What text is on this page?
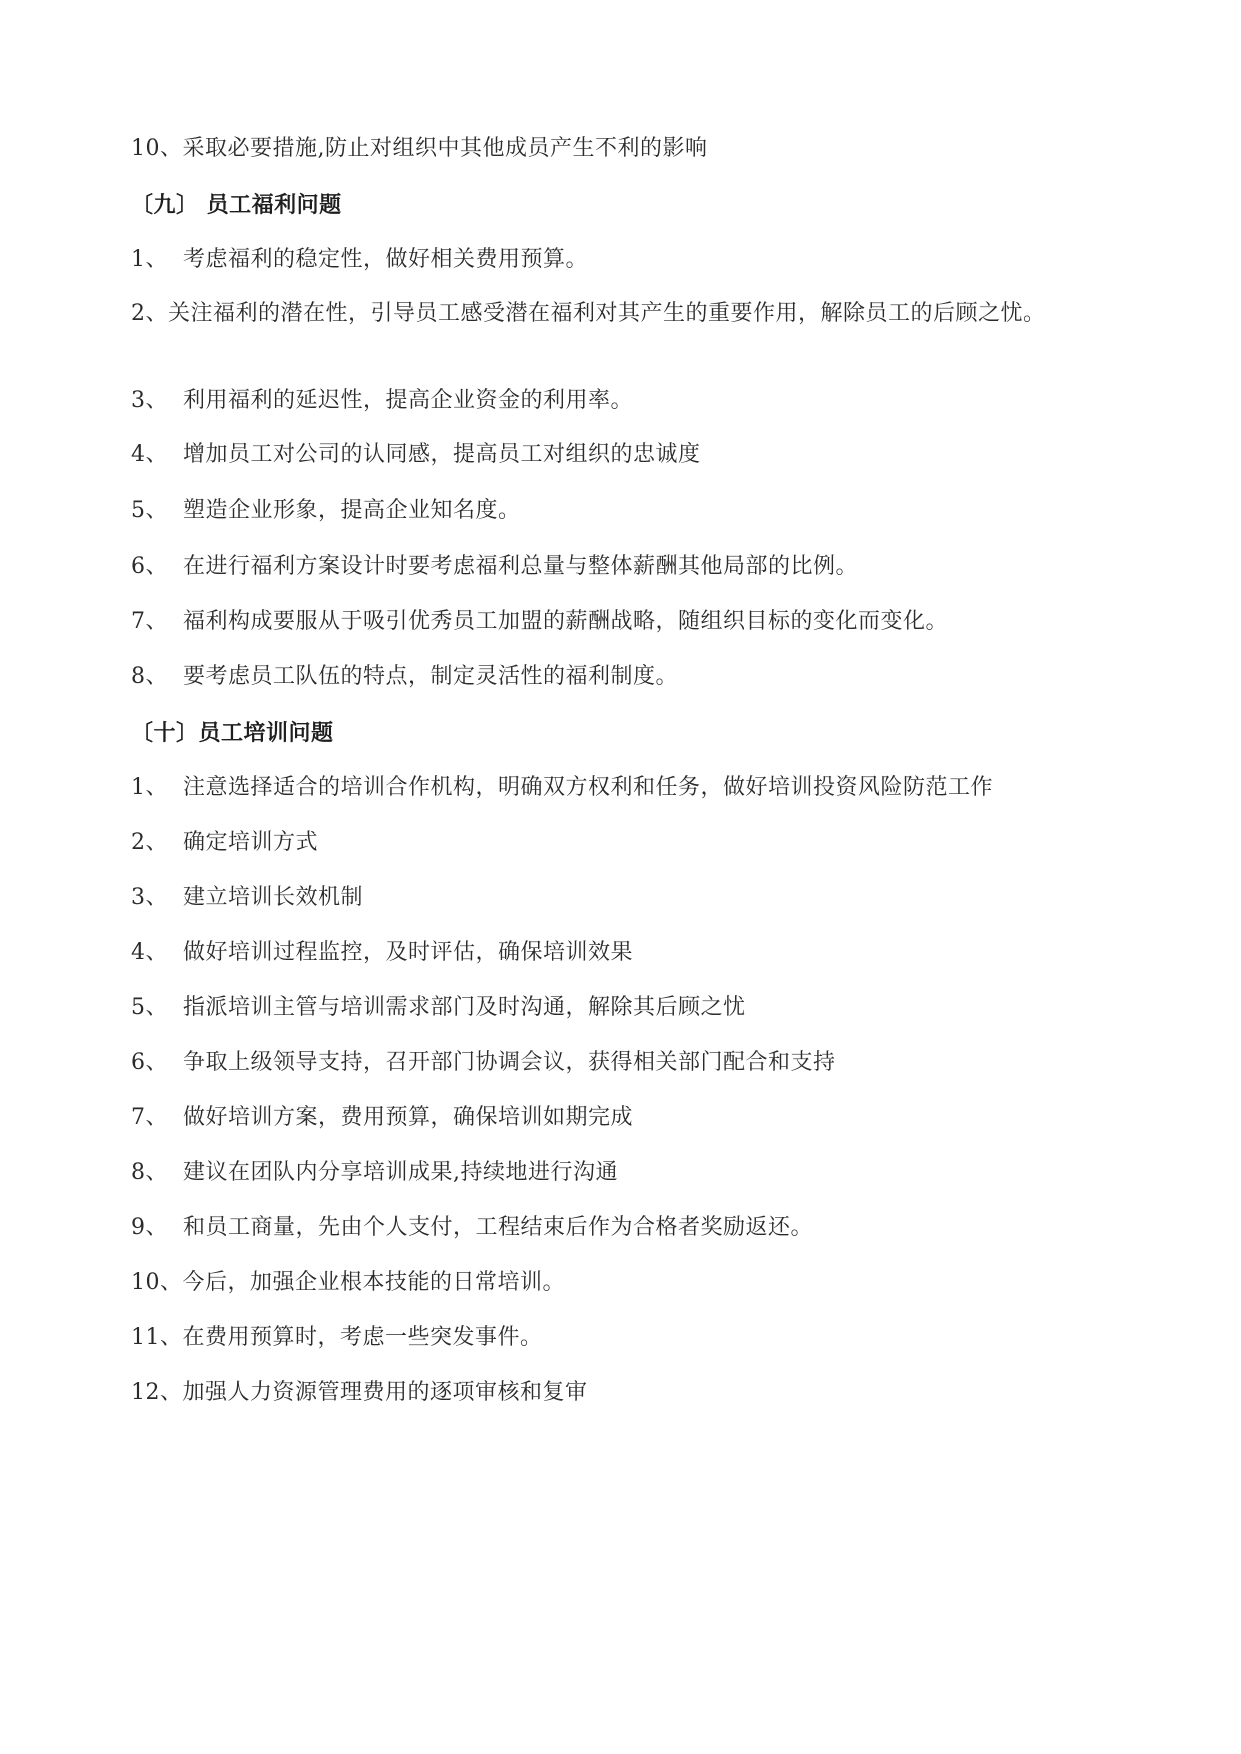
10、采取必要措施,防止对组织中其他成员产生不利的影响
〔九〕 员工福利问题
1、 考虑福利的稳定性，做好相关费用预算。
2、关注福利的潜在性，引导员工感受潜在福利对其产生的重要作用，解除员工的后顾之忧。
3、 利用福利的延迟性，提高企业资金的利用率。
4、 增加员工对公司的认同感，提高员工对组织的忠诚度
5、 塑造企业形象，提高企业知名度。
6、 在进行福利方案设计时要考虑福利总量与整体薪酬其他局部的比例。
7、 福利构成要服从于吸引优秀员工加盟的薪酬战略，随组织目标的变化而变化。
8、 要考虑员工队伍的特点，制定灵活性的福利制度。
〔十〕员工培训问题
1、 注意选择适合的培训合作机构，明确双方权利和任务，做好培训投资风险防范工作
2、 确定培训方式
3、 建立培训长效机制
4、 做好培训过程监控，及时评估，确保培训效果
5、 指派培训主管与培训需求部门及时沟通，解除其后顾之忧
6、 争取上级领导支持，召开部门协调会议，获得相关部门配合和支持
7、 做好培训方案，费用预算，确保培训如期完成
8、 建议在团队内分享培训成果,持续地进行沟通
9、 和员工商量，先由个人支付，工程结束后作为合格者奖励返还。
10、今后，加强企业根本技能的日常培训。
11、在费用预算时，考虑一些突发事件。
12、加强人力资源管理费用的逐项审核和复审
